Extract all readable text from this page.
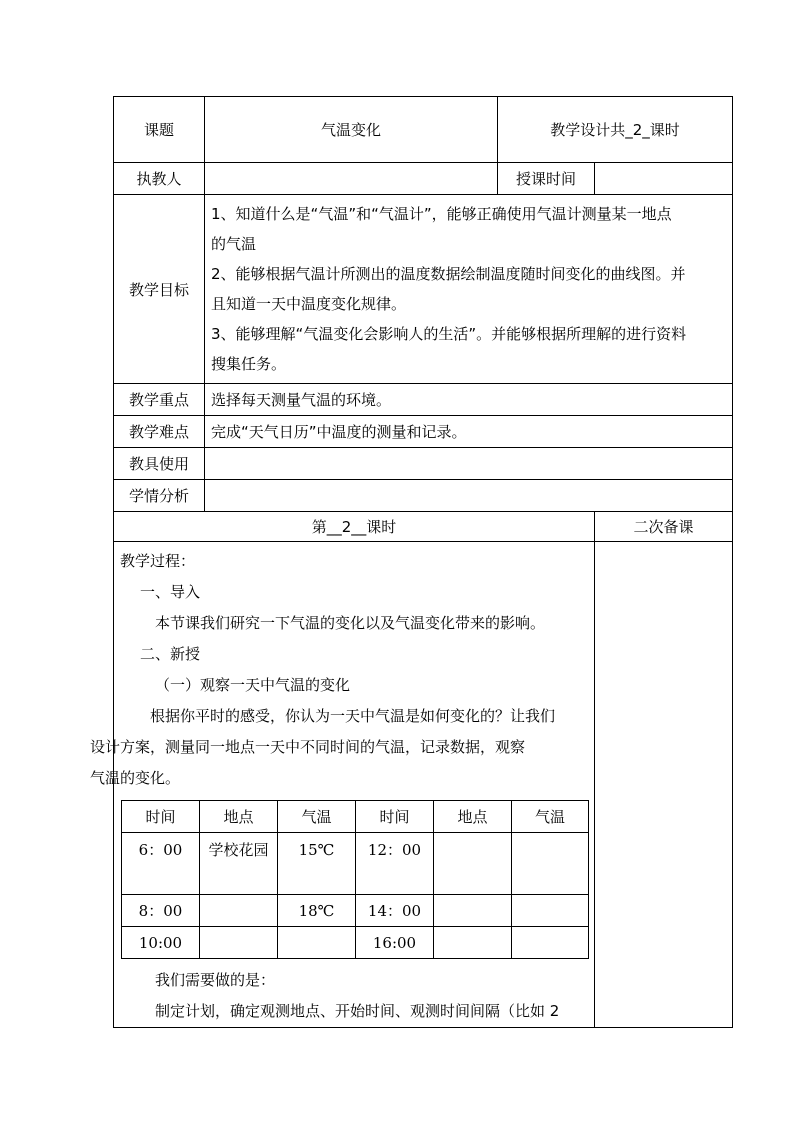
课题	气温变化	教学设计共_2_课时
执教人		授课时间	
教学目标	
1、知道什么是“气温”和“气温计”，能够正确使用气温计测量某一地点
的气温
2、能够根据气温计所测出的温度数据绘制温度随时间变化的曲线图。并
且知道一天中温度变化规律。
3、能够理解“气温变化会影响人的生活”。并能够根据所理解的进行资料
搜集任务。

教学重点	选择每天测量气温的环境。
教学难点	完成“天气日历”中温度的测量和记录。
教具使用	
学情分析	
第__2__课时	二次备课

教学过程：
一、导入
本节课我们研究一下气温的变化以及气温变化带来的影响。
二、新授
（一）观察一天中气温的变化
根据你平时的感受，你认为一天中气温是如何变化的？让我们
设计方案，测量同一地点一天中不同时间的气温，记录数据，观察
气温的变化。
时间	地点	气温	时间	地点	气温
6：00	学校花园	15℃	12：00		
8：00		18℃	14：00		
10:00			16:00		
我们需要做的是：
制定计划，确定观测地点、开始时间、观测时间间隔（比如 2
